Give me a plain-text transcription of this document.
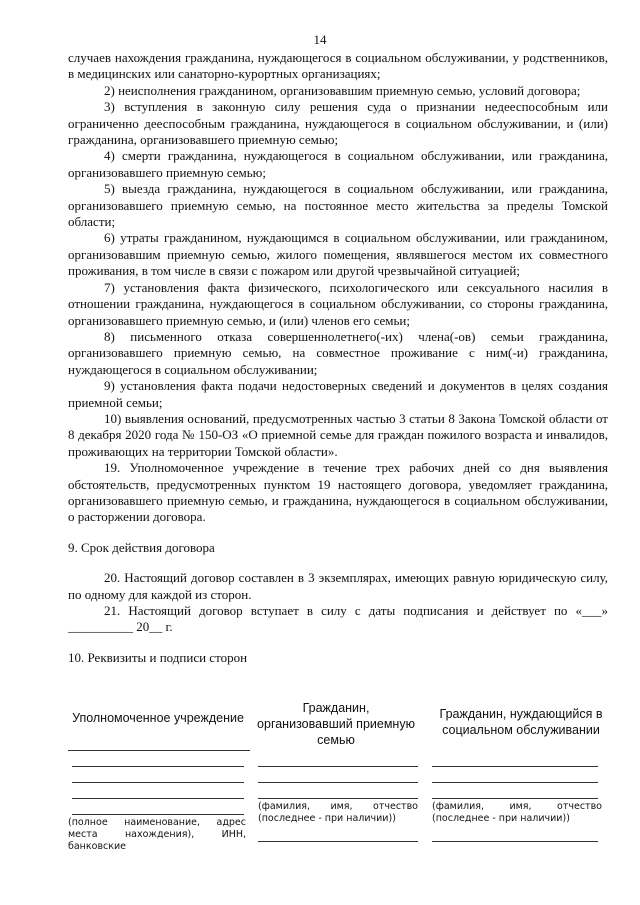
14

случаев нахождения гражданина, нуждающегося в социальном обслуживании, у родственников, в медицинских или санаторно-курортных организациях;

2) неисполнения гражданином, организовавшим приемную семью, условий договора;

3) вступления в законную силу решения суда о признании недееспособным или ограниченно дееспособным гражданина, нуждающегося в социальном обслуживании, и (или) гражданина, организовавшего приемную семью;

4) смерти гражданина, нуждающегося в социальном обслуживании, или гражданина, организовавшего приемную семью;

5) выезда гражданина, нуждающегося в социальном обслуживании, или гражданина, организовавшего приемную семью, на постоянное место жительства за пределы Томской области;

6) утраты гражданином, нуждающимся в социальном обслуживании, или гражданином, организовавшим приемную семью, жилого помещения, являвшегося местом их совместного проживания, в том числе в связи с пожаром или другой чрезвычайной ситуацией;

7) установления факта физического, психологического или сексуального насилия в отношении гражданина, нуждающегося в социальном обслуживании, со стороны гражданина, организовавшего приемную семью, и (или) членов его семьи;

8) письменного отказа совершеннолетнего(-их) члена(-ов) семьи гражданина, организовавшего приемную семью, на совместное проживание с ним(-и) гражданина, нуждающегося в социальном обслуживании;

9) установления факта подачи недостоверных сведений и документов в целях создания приемной семьи;

10) выявления оснований, предусмотренных частью 3 статьи 8 Закона Томской области от 8 декабря 2020 года № 150-ОЗ «О приемной семье для граждан пожилого возраста и инвалидов, проживающих на территории Томской области».

19. Уполномоченное учреждение в течение трех рабочих дней со дня выявления обстоятельств, предусмотренных пунктом 19 настоящего договора, уведомляет гражданина, организовавшего приемную семью, и гражданина, нуждающегося в социальном обслуживании, о расторжении договора.

9. Срок действия договора

20. Настоящий договор составлен в 3 экземплярах, имеющих равную юридическую силу, по одному для каждой из сторон.

21. Настоящий договор вступает в силу с даты подписания и действует по «___» __________ 20__ г.

10. Реквизиты и подписи сторон

Уполномоченное учреждение
(полное наименование, адрес места нахождения), ИНН, банковские
Гражданин, организовавший приемную семью
(фамилия, имя, отчество (последнее - при наличии))
Гражданин, нуждающийся в социальном обслуживании
(фамилия, имя, отчество (последнее - при наличии))
